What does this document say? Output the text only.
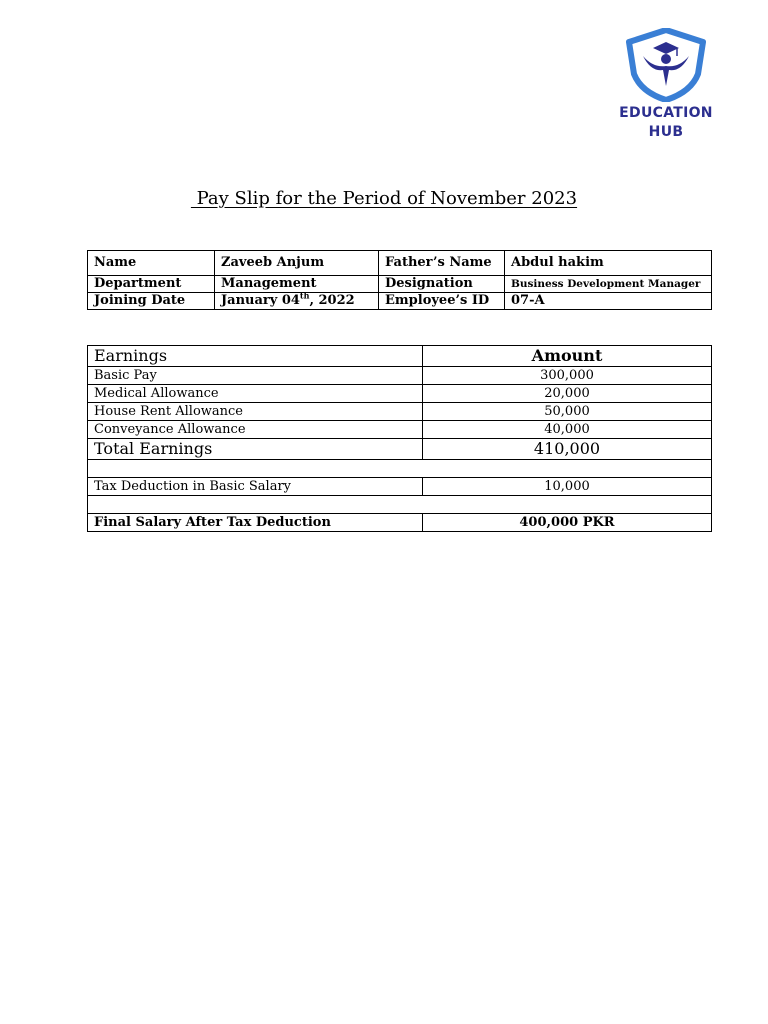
EDUCATION
HUB
Pay Slip for the Period of November 2023
Name	Zaveeb Anjum	Father’s Name	Abdul hakim
Department	Management	Designation	Business Development Manager
Joining Date	January 04th, 2022	Employee’s ID	07-A
Earnings	Amount
Basic Pay	300,000
Medical Allowance	20,000
House Rent Allowance	50,000
Conveyance Allowance	40,000
Total Earnings	410,000

Tax Deduction in Basic Salary	10,000

Final Salary After Tax Deduction	400,000 PKR
